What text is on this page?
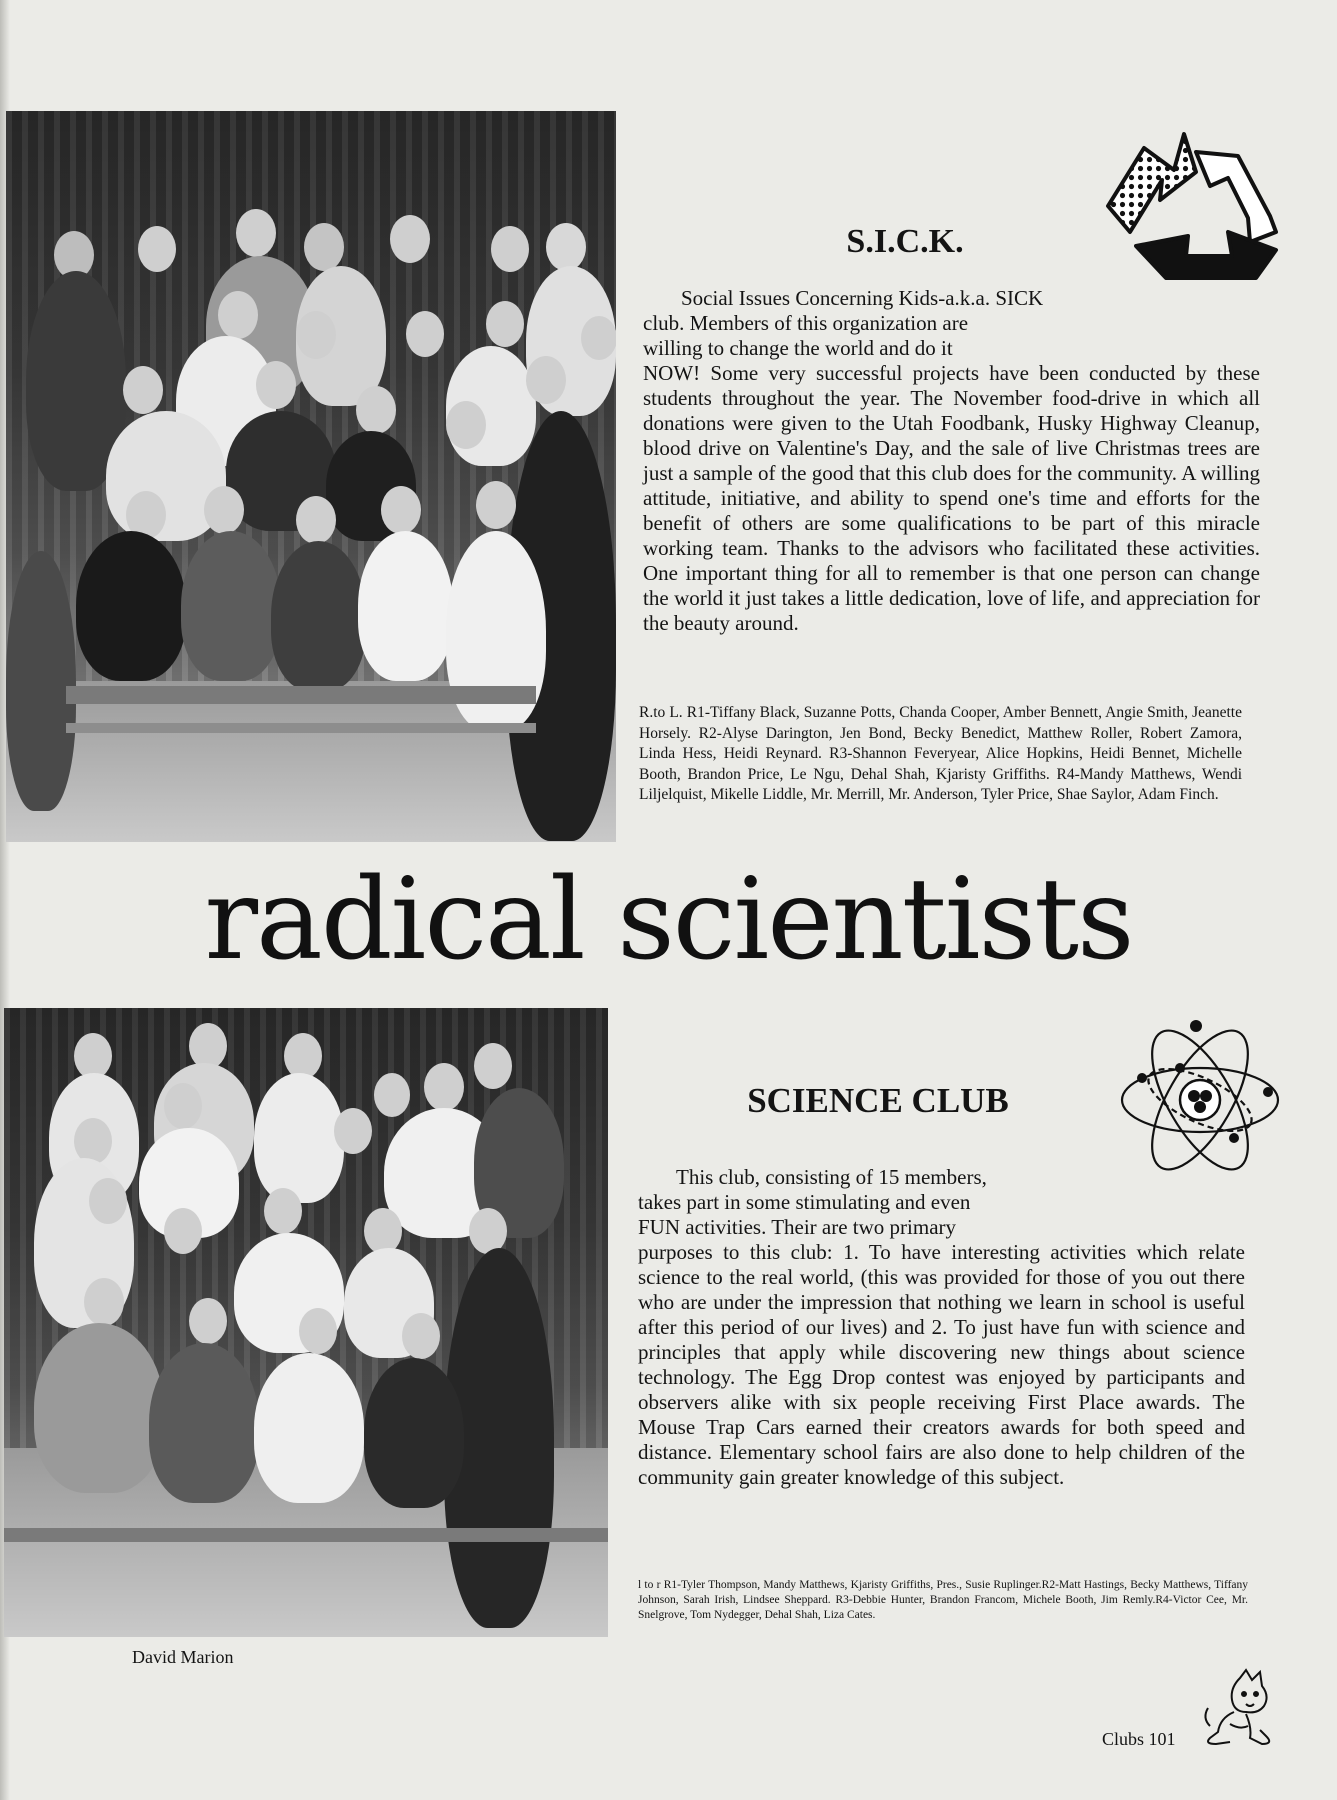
S.I.C.K.

Social Issues Concerning Kids-a.k.a. SICK
club. Members of this organization are
willing to change the world and do it
NOW! Some very successful projects have been conducted by these students throughout the year. The November food-drive in which all donations were given to the Utah Foodbank, Husky Highway Cleanup, blood drive on Valentine's Day, and the sale of live Christmas trees are just a sample of the good that this club does for the community. A willing attitude, initiative, and ability to spend one's time and efforts for the benefit of others are some qualifications to be part of this miracle working team. Thanks to the advisors who facilitated these activities. One important thing for all to remember is that one person can change the world it just takes a little dedication, love of life, and appreciation for the beauty around.

R.to L. R1-Tiffany Black, Suzanne Potts, Chanda Cooper, Amber Bennett, Angie Smith, Jeanette Horsely. R2-Alyse Darington, Jen Bond, Becky Benedict, Matthew Roller, Robert Zamora, Linda Hess, Heidi Reynard. R3-Shannon Feveryear, Alice Hopkins, Heidi Bennet, Michelle Booth, Brandon Price, Le Ngu, Dehal Shah, Kjaristy Griffiths. R4-Mandy Matthews, Wendi Liljelquist, Mikelle Liddle, Mr. Merrill, Mr. Anderson, Tyler Price, Shae Saylor, Adam Finch.

radical scientists
SCIENCE CLUB

This club, consisting of 15 members,
takes part in some stimulating and even
FUN activities. Their are two primary
purposes to this club: 1. To have interesting activities which relate science to the real world, (this was provided for those of you out there who are under the impression that nothing we learn in school is useful after this period of our lives) and 2. To just have fun with science and principles that apply while discovering new things about science technology. The Egg Drop contest was enjoyed by participants and observers alike with six people receiving First Place awards. The Mouse Trap Cars earned their creators awards for both speed and distance. Elementary school fairs are also done to help children of the community gain greater knowledge of this subject.

l to r R1-Tyler Thompson, Mandy Matthews, Kjaristy Griffiths, Pres., Susie Ruplinger.R2-Matt Hastings, Becky Matthews, Tiffany Johnson, Sarah Irish, Lindsee Sheppard. R3-Debbie Hunter, Brandon Francom, Michele Booth, Jim Remly.R4-Victor Cee, Mr. Snelgrove, Tom Nydegger, Dehal Shah, Liza Cates.

David Marion
Clubs 101
